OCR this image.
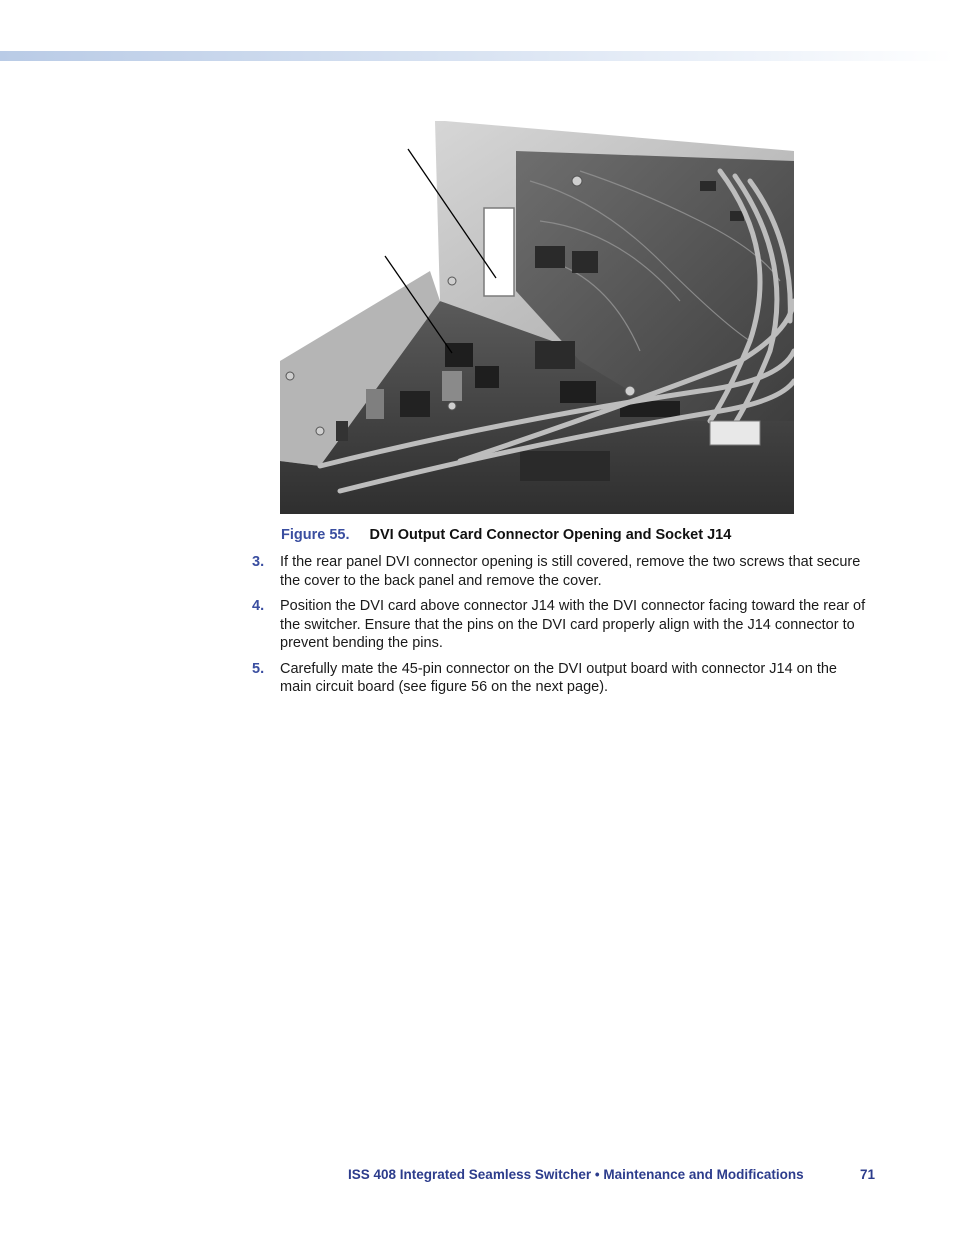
Figure 55. DVI Output Card Connector Opening and Socket J14
3. If the rear panel DVI connector opening is still covered, remove the two screws that secure the cover to the back panel and remove the cover.
4. Position the DVI card above connector J14 with the DVI connector facing toward the rear of the switcher. Ensure that the pins on the DVI card properly align with the J14 connector to prevent bending the pins.
5. Carefully mate the 45-pin connector on the DVI output board with connector J14 on the main circuit board (see figure 56 on the next page).
ISS 408 Integrated Seamless Switcher • Maintenance and Modifications	71
